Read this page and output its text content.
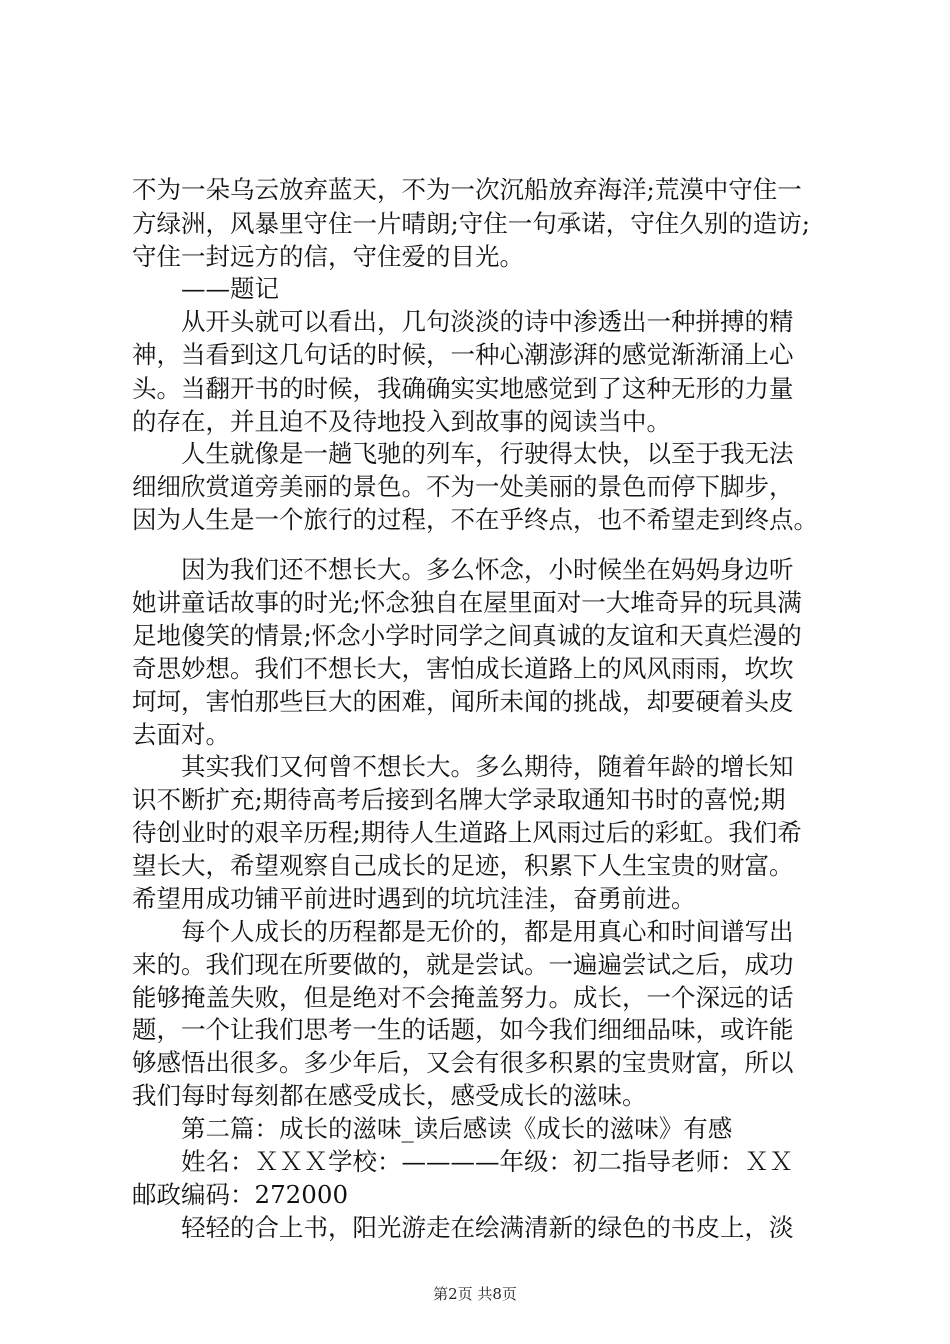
不为一朵乌云放弃蓝天，不为一次沉船放弃海洋;荒漠中守住一
方绿洲，风暴里守住一片晴朗;守住一句承诺，守住久别的造访;
守住一封远方的信，守住爱的目光。
　　——题记
　　从开头就可以看出，几句淡淡的诗中渗透出一种拼搏的精
神，当看到这几句话的时候，一种心潮澎湃的感觉渐渐涌上心
头。当翻开书的时候，我确确实实地感觉到了这种无形的力量
的存在，并且迫不及待地投入到故事的阅读当中。
　　人生就像是一趟飞驰的列车，行驶得太快，以至于我无法
细细欣赏道旁美丽的景色。不为一处美丽的景色而停下脚步，
因为人生是一个旅行的过程，不在乎终点，也不希望走到终点。
　　因为我们还不想长大。多么怀念，小时候坐在妈妈身边听
她讲童话故事的时光;怀念独自在屋里面对一大堆奇异的玩具满
足地傻笑的情景;怀念小学时同学之间真诚的友谊和天真烂漫的
奇思妙想。我们不想长大，害怕成长道路上的风风雨雨，坎坎
坷坷，害怕那些巨大的困难，闻所未闻的挑战，却要硬着头皮
去面对。
　　其实我们又何曾不想长大。多么期待，随着年龄的增长知
识不断扩充;期待高考后接到名牌大学录取通知书时的喜悦;期
待创业时的艰辛历程;期待人生道路上风雨过后的彩虹。我们希
望长大，希望观察自己成长的足迹，积累下人生宝贵的财富。
希望用成功铺平前进时遇到的坑坑洼洼，奋勇前进。
　　每个人成长的历程都是无价的，都是用真心和时间谱写出
来的。我们现在所要做的，就是尝试。一遍遍尝试之后，成功
能够掩盖失败，但是绝对不会掩盖努力。成长，一个深远的话
题，一个让我们思考一生的话题，如今我们细细品味，或许能
够感悟出很多。多少年后，又会有很多积累的宝贵财富，所以
我们每时每刻都在感受成长，感受成长的滋味。
　　第二篇：成长的滋味_读后感读《成长的滋味》有感
　　姓名：ＸＸＸ学校：————年级：初二指导老师：ＸＸ
邮政编码：272000
　　轻轻的合上书，阳光游走在绘满清新的绿色的书皮上，淡
第2页 共8页
